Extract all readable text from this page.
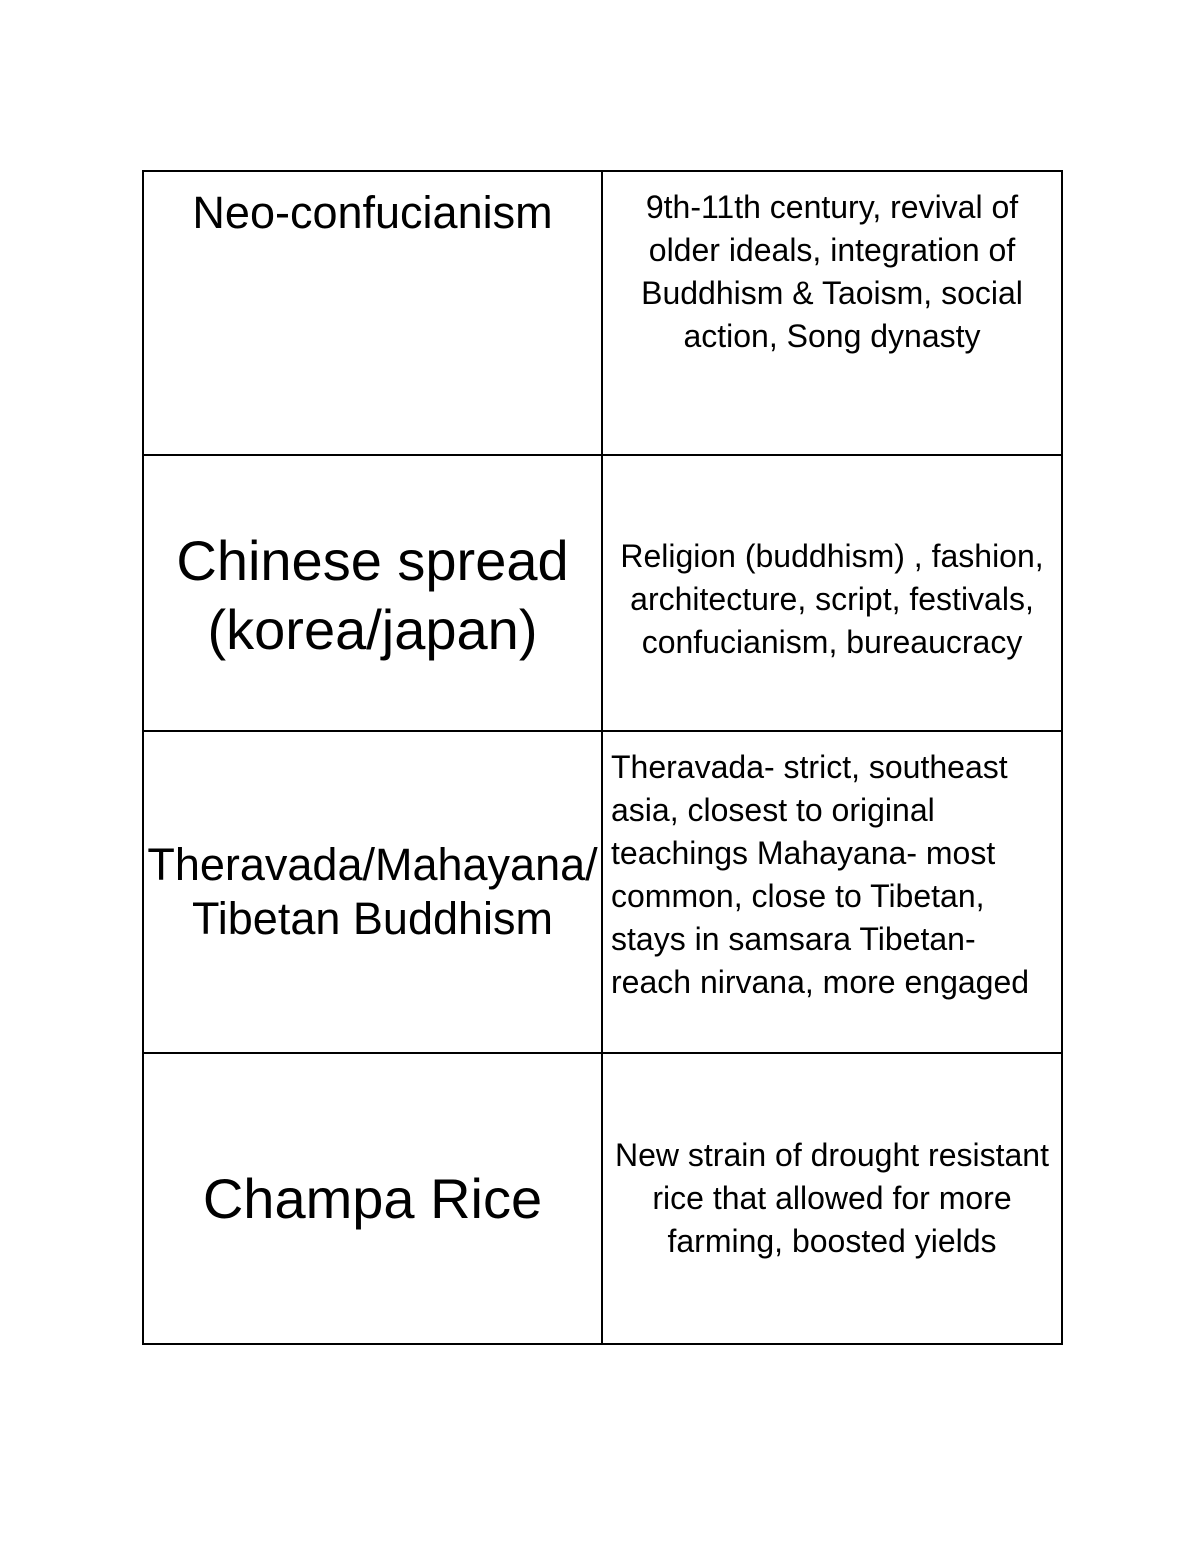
Neo-confucianism	9th-11th century, revival of older ideals, integration of Buddhism & Taoism, social action, Song dynasty

Chinese spread (korea/japan)	Religion (buddhism) , fashion, architecture, script, festivals, confucianism, bureaucracy

Theravada/Mahayana/Tibetan Buddhism	Theravada- strict, southeast asia, closest to original teachings Mahayana- most common, close to Tibetan, stays in samsara Tibetan- reach nirvana, more engaged

Champa Rice	New strain of drought resistant rice that allowed for more farming, boosted yields
